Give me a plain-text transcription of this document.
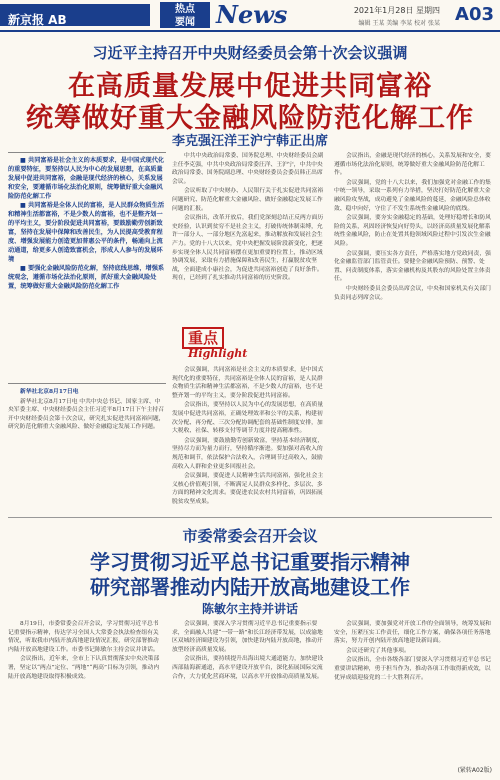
新京报 AB
热点
要闻 News	2021年1月28日 星期四
编辑 王某 美编 李某 校对 张某 A03
习近平主持召开中央财经委员会第十次会议强调
在高质量发展中促进共同富裕
统筹做好重大金融风险防范化解工作
李克强汪洋王沪宁韩正出席

■ 共同富裕是社会主义的本质要求，是中国式现代化的重要特征，要坚持以人民为中心的发展思想，在高质量发展中促进共同富裕，金融是现代经济的核心，关系发展和安全，要遵循市场化法治化原则，统筹做好重大金融风险防范化解工作

■ 共同富裕是全体人民的富裕，是人民群众物质生活和精神生活都富裕，不是少数人的富裕，也不是整齐划一的平均主义，要分阶段促进共同富裕，要鼓励勤劳创新致富，坚持在发展中保障和改善民生，为人民提高受教育程度、增强发展能力创造更加普惠公平的条件，畅通向上流动通道，给更多人创造致富机会，形成人人参与的发展环境

■ 要强化金融风险防范化解，坚持底线思维，增强系统观念，遵循市场化法治化原则，抓好重大金融风险处置，统筹做好重大金融风险防范化解工作

新华社北京8月17日电

新华社北京8月17日电 中共中央总书记、国家主席、中央军委主席、中央财经委员会主任习近平8月17日下午主持召开中央财经委员会第十次会议，研究扎实促进共同富裕问题，研究防范化解重大金融风险、做好金融稳定发展工作问题。

中共中央政治局常委、国务院总理、中央财经委员会副主任李克强，中共中央政治局常委汪洋、王沪宁，中共中央政治局常委、国务院副总理、中央财经委员会委员韩正出席会议。

会议听取了中央财办、人民银行关于扎实促进共同富裕问题研究、防范化解重大金融风险、做好金融稳定发展工作问题的汇报。

会议指出，改革开放后，我们党深刻总结正反两方面历史经验，认识到贫穷不是社会主义，打破传统体制束缚，允许一部分人、一部分地区先富起来，推动解放和发展社会生产力。党的十八大以来，党中央把握发展阶段新变化，把逐步实现全体人民共同富裕摆在更加重要的位置上，推动区域协调发展，采取有力措施保障和改善民生，打赢脱贫攻坚战，全面建成小康社会，为促进共同富裕创造了良好条件。现在，已经到了扎实推动共同富裕的历史阶段。

重点
Highlight

会议强调，共同富裕是社会主义的本质要求，是中国式现代化的重要特征，共同富裕是全体人民的富裕，是人民群众物质生活和精神生活都富裕，不是少数人的富裕，也不是整齐划一的平均主义，要分阶段促进共同富裕。

会议指出，要坚持以人民为中心的发展思想，在高质量发展中促进共同富裕，正确处理效率和公平的关系，构建初次分配、再分配、三次分配协调配套的基础性制度安排，加大税收、社保、转移支付等调节力度并提高精准性。

会议强调，要鼓励勤劳创新致富，坚持基本经济制度，坚持尽力而为量力而行，坚持循序渐进。要加强对高收入的规范和调节，依法保护合法收入，合理调节过高收入，鼓励高收入人群和企业更多回报社会。

会议强调，要促进人民精神生活共同富裕，强化社会主义核心价值观引领，不断满足人民群众多样化、多层次、多方面的精神文化需求。要促进农民农村共同富裕，巩固拓展脱贫攻坚成果。

会议指出，金融是现代经济的核心，关系发展和安全，要遵循市场化法治化原则，统筹做好重大金融风险防范化解工作。

会议强调，党的十八大以来，我们加强党对金融工作的集中统一领导，采取一系列有力举措，坚决打好防范化解重大金融风险攻坚战，成功避免了金融风险的蔓延，金融风险总体收敛、稳中向好，守住了不发生系统性金融风险的底线。

会议强调，要夯实金融稳定的基础，处理好稳增长和防风险的关系，巩固经济恢复向好势头，以经济高质量发展化解系统性金融风险，防止在处置其他领域风险过程中引发次生金融风险。

会议强调，要压实各方责任，严格落实地方党政同责，强化金融监管部门监管责任。要健全金融风险预防、预警、处置、问责制度体系，落实金融机构及其股东的风险处置主体责任。

中央财经委员会委员出席会议，中央和国家机关有关部门负责同志列席会议。

市委常委会召开会议
学习贯彻习近平总书记重要指示精神
研究部署推动内陆开放高地建设工作
陈敏尔主持并讲话

8月19日，市委常委会召开会议，学习贯彻习近平总书记重要指示精神，传达学习全国人大常委会执法检查组有关情况，听取我市内陆开放高地建设情况汇报，研究部署推动内陆开放高地建设工作。市委书记陈敏尔主持会议并讲话。

会议指出，近年来，全市上下认真贯彻落实中央决策部署，坚定以“两点”定位、“两地”“两高”目标为引领，推动内陆开放高地建设取得积极成效。

会议强调，要深入学习贯彻习近平总书记重要指示要求，全面融入共建“一带一路”和长江经济带发展，以成渝地区双城经济圈建设为引领，加快建设内陆开放高地，推动开放型经济高质量发展。

会议指出，要持续提升出海出境大通道能力，加快建设西部陆海新通道，高水平建设开放平台，深化拓展国际交流合作，大力优化营商环境，以高水平开放推动高质量发展。

会议强调，要加强党对开放工作的全面领导，统筹发展和安全，压紧压实工作责任，细化工作方案，确保各项任务落地落实，努力开创内陆开放高地建设新局面。

会议还研究了其他事项。

会议指出，全市各级各部门要深入学习贯彻习近平总书记重要讲话精神，勇于担当作为，推动各项工作取得新成效，以优异成绩迎接党的二十大胜利召开。

(紧转A02版)
